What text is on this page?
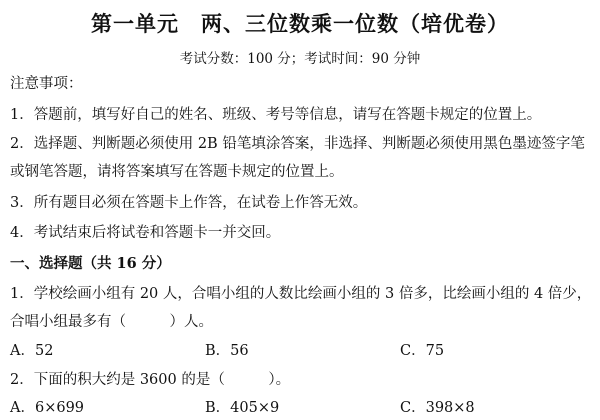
第一单元　两、三位数乘一位数（培优卷）
考试分数：100 分；考试时间：90 分钟
注意事项：
1．答题前，填写好自己的姓名、班级、考号等信息，请写在答题卡规定的位置上。
2．选择题、判断题必须使用 2B 铅笔填涂答案，非选择、判断题必须使用黑色墨迹签字笔
或钢笔答题，请将答案填写在答题卡规定的位置上。
3．所有题目必须在答题卡上作答，在试卷上作答无效。
4．考试结束后将试卷和答题卡一并交回。
一、选择题（共 16 分）
1．学校绘画小组有 20 人，合唱小组的人数比绘画小组的 3 倍多，比绘画小组的 4 倍少，
合唱小组最多有（　　　）人。
A．52	B．56	C．75
2．下面的积大约是 3600 的是（　　　）。
A．6×699	B．405×9	C．398×8
